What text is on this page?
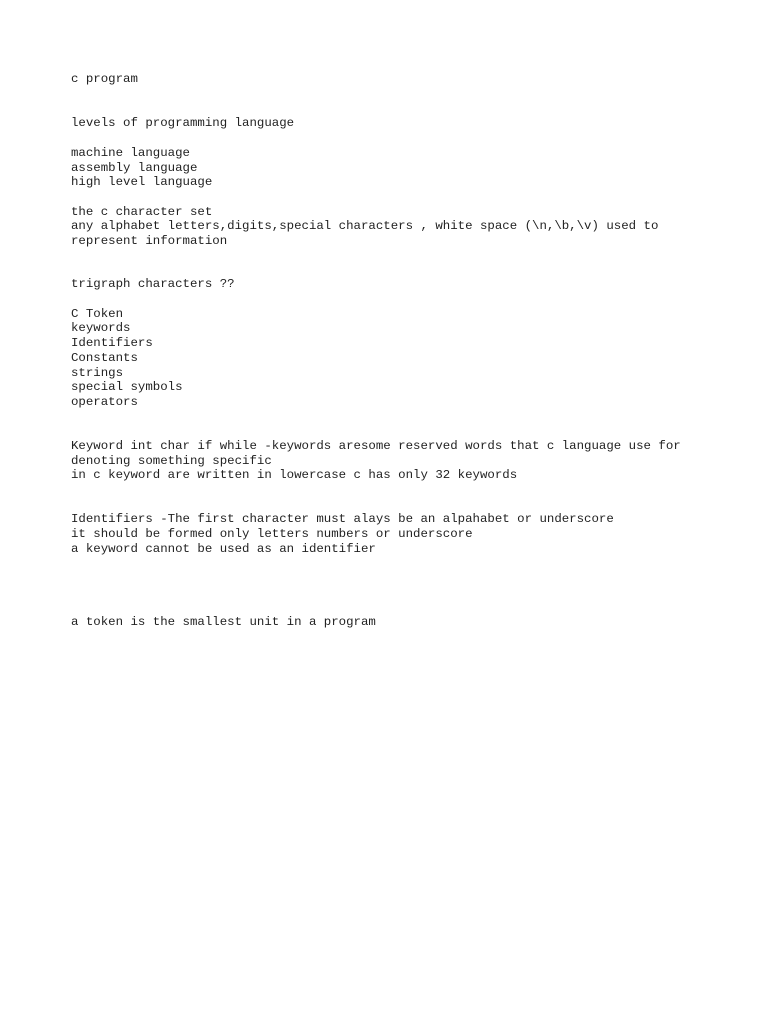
c program
levels of programming language
machine language
assembly language
high level language
the c character set
any alphabet letters,digits,special characters , white space (\n,\b,\v) used to
represent information
trigraph characters ??
C Token
keywords
Identifiers
Constants
strings
special symbols
operators
Keyword int char if while -keywords aresome reserved words that c language use for
denoting something specific
in c keyword are written in lowercase c has only 32 keywords
Identifiers -The first character must alays be an alpahabet or underscore
it should be formed only letters numbers or underscore
a keyword cannot be used as an identifier
a token is the smallest unit in a program
